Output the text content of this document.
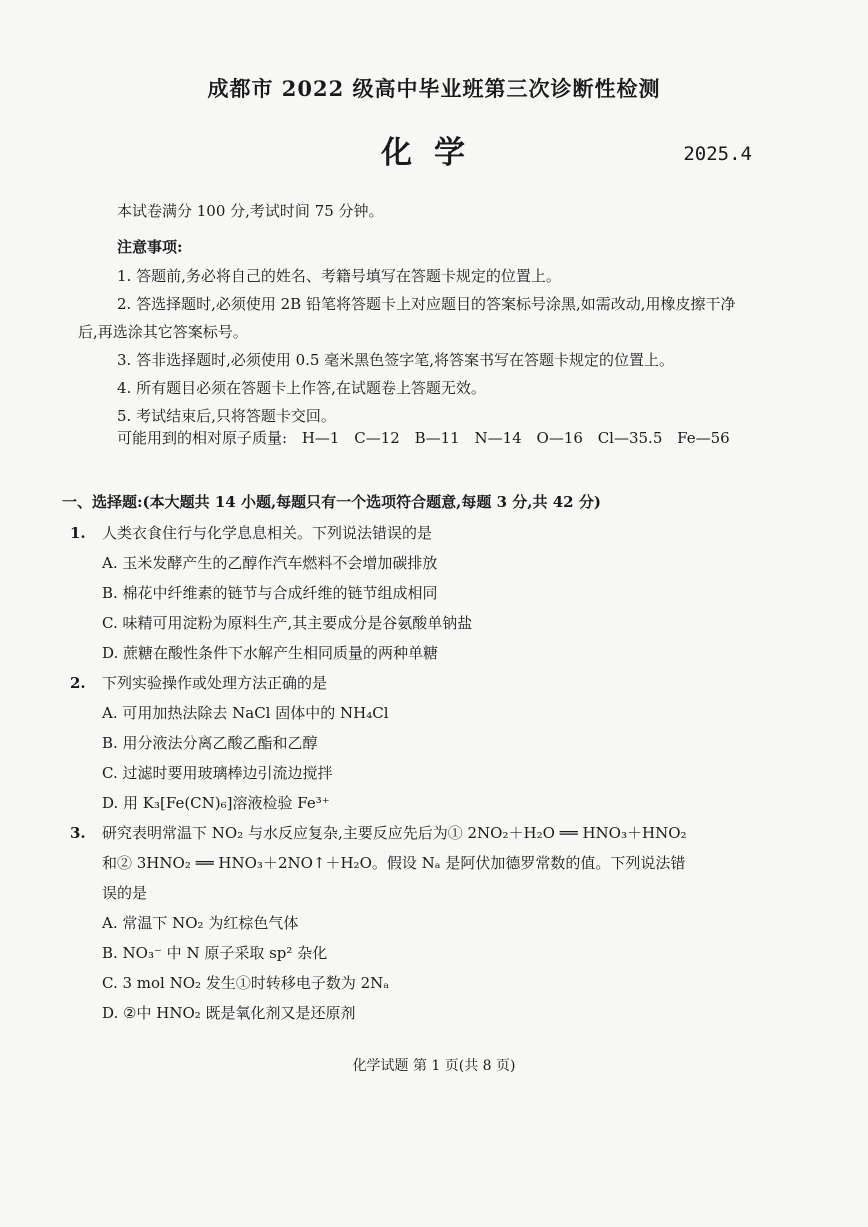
成都市 2022 级高中毕业班第三次诊断性检测
化学	2025.4
本试卷满分 100 分,考试时间 75 分钟。
注意事项:
1. 答题前,务必将自己的姓名、考籍号填写在答题卡规定的位置上。
2. 答选择题时,必须使用 2B 铅笔将答题卡上对应题目的答案标号涂黑,如需改动,用橡皮擦干净后,再选涂其它答案标号。
3. 答非选择题时,必须使用 0.5 毫米黑色签字笔,将答案书写在答题卡规定的位置上。
4. 所有题目必须在答题卡上作答,在试题卷上答题无效。
5. 考试结束后,只将答题卡交回。
可能用到的相对原子质量: H—1 C—12 B—11 N—14 O—16 Cl—35.5 Fe—56
一、选择题:(本大题共 14 小题,每题只有一个选项符合题意,每题 3 分,共 42 分)
1. 人类衣食住行与化学息息相关。下列说法错误的是
A. 玉米发酵产生的乙醇作汽车燃料不会增加碳排放
B. 棉花中纤维素的链节与合成纤维的链节组成相同
C. 味精可用淀粉为原料生产,其主要成分是谷氨酸单钠盐
D. 蔗糖在酸性条件下水解产生相同质量的两种单糖
2. 下列实验操作或处理方法正确的是
A. 可用加热法除去 NaCl 固体中的 NH₄Cl
B. 用分液法分离乙酸乙酯和乙醇
C. 过滤时要用玻璃棒边引流边搅拌
D. 用 K₃[Fe(CN)₆]溶液检验 Fe³⁺
3. 研究表明常温下 NO₂ 与水反应复杂,主要反应先后为① 2NO₂＋H₂O ══ HNO₃＋HNO₂
和② 3HNO₂ ══ HNO₃＋2NO↑＋H₂O。假设 Nₐ 是阿伏加德罗常数的值。下列说法错
误的是
A. 常温下 NO₂ 为红棕色气体
B. NO₃⁻ 中 N 原子采取 sp² 杂化
C. 3 mol NO₂ 发生①时转移电子数为 2Nₐ
D. ②中 HNO₂ 既是氧化剂又是还原剂
化学试题 第 1 页(共 8 页)
